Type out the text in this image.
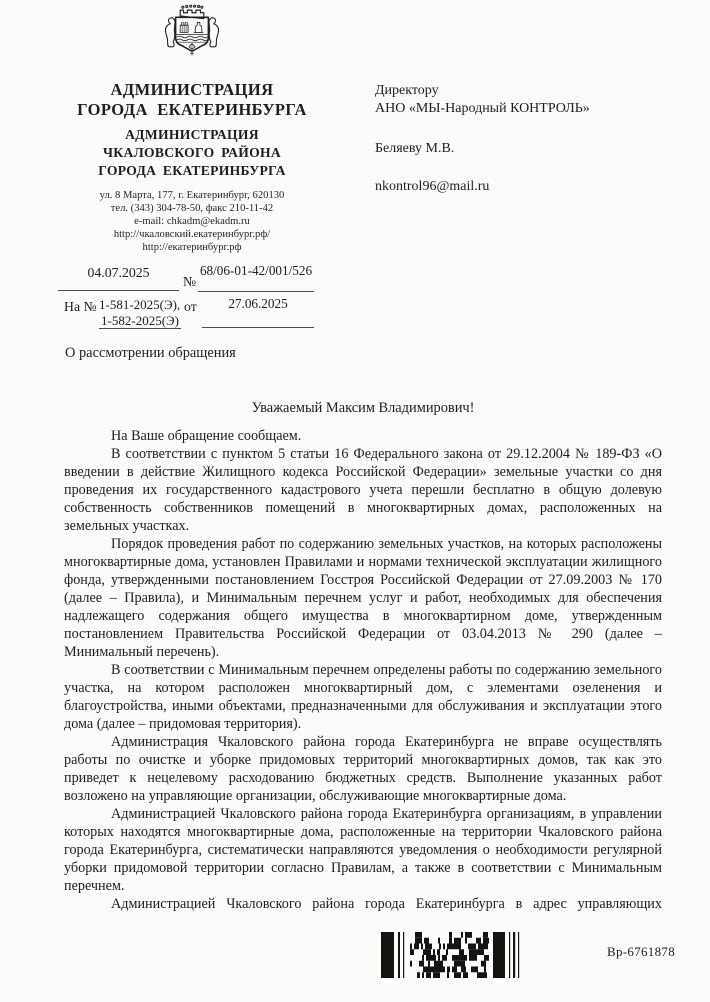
АДМИНИСТРАЦИЯ
ГОРОДА ЕКАТЕРИНБУРГА
АДМИНИСТРАЦИЯ
ЧКАЛОВСКОГО РАЙОНА
ГОРОДА ЕКАТЕРИНБУРГА
ул. 8 Марта, 177, г. Екатеринбург, 620130
тел. (343) 304-78-50, факс 210-11-42
e-mail: chkadm@ekadm.ru
http://чкаловский.екатеринбург.рф/
http://екатеринбург.рф
Директору
АНО «МЫ-Народный КОНТРОЛЬ»
Беляеву М.В.
nkontrol96@mail.ru
04.07.2025
№
68/06-01-42/001/526
На № 1-581-2025(Э),
1-582-2025(Э)
от	27.06.2025
О рассмотрении обращения
Уважаемый Максим Владимирович!

На Ваше обращение сообщаем.

В соответствии с пунктом 5 статьи 16 Федерального закона от 29.12.2004 № 189-ФЗ «О введении в действие Жилищного кодекса Российской Федерации» земельные участки со дня проведения их государственного кадастрового учета перешли бесплатно в общую долевую собственность собственников помещений в многоквартирных домах, расположенных на земельных участках.

Порядок проведения работ по содержанию земельных участков, на которых расположены многоквартирные дома, установлен Правилами и нормами технической эксплуатации жилищного фонда, утвержденными постановлением Госстроя Российской Федерации от 27.09.2003 № 170 (далее – Правила), и Минимальным перечнем услуг и работ, необходимых для обеспечения надлежащего содержания общего имущества в многоквартирном доме, утвержденным постановлением Правительства Российской Федерации от 03.04.2013 № 290 (далее – Минимальный перечень).

В соответствии с Минимальным перечнем определены работы по содержанию земельного участка, на котором расположен многоквартирный дом, с элементами озеленения и благоустройства, иными объектами, предназначенными для обслуживания и эксплуатации этого дома (далее – придомовая территория).

Администрация Чкаловского района города Екатеринбурга не вправе осуществлять работы по очистке и уборке придомовых территорий многоквартирных домов, так как это приведет к нецелевому расходованию бюджетных средств. Выполнение указанных работ возложено на управляющие организации, обслуживающие многоквартирные дома.

Администрацией Чкаловского района города Екатеринбурга организациям, в управлении которых находятся многоквартирные дома, расположенные на территории Чкаловского района города Екатеринбурга, систематически направляются уведомления о необходимости регулярной уборки придомовой территории согласно Правилам, а также в соответствии с Минимальным перечнем.

Администрацией Чкаловского района города Екатеринбурга в адрес управляющих

Вр-6761878
